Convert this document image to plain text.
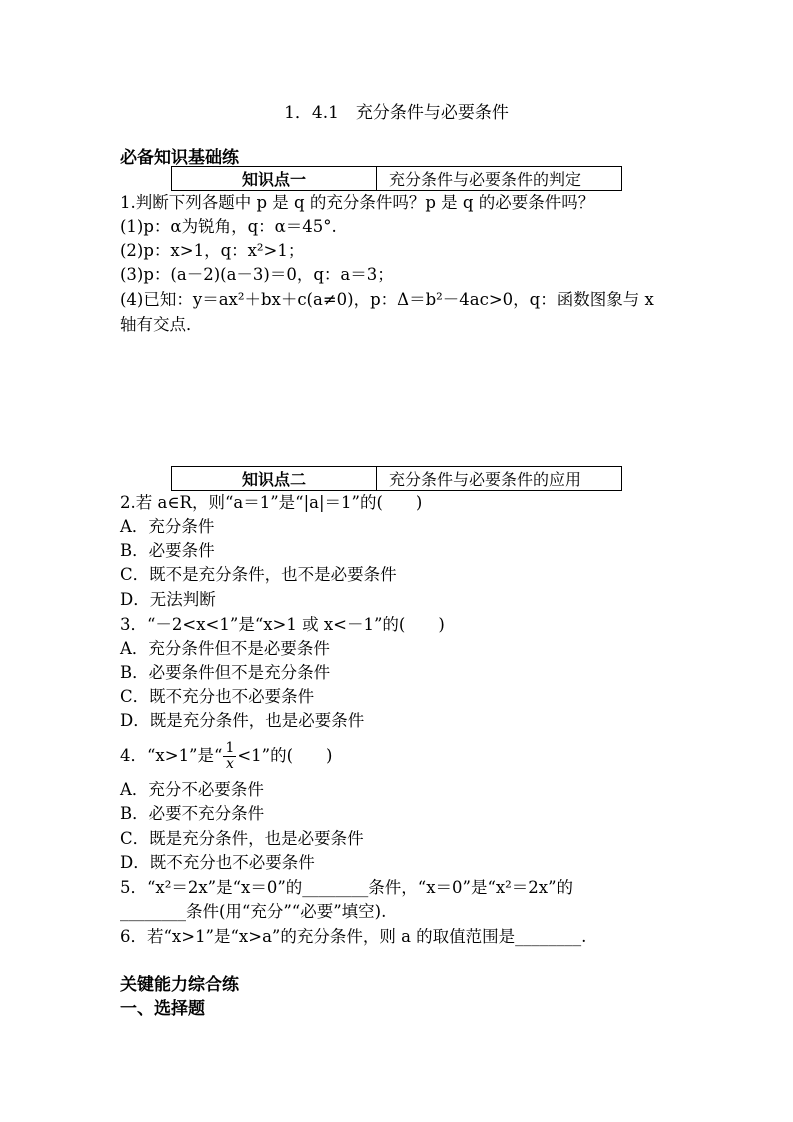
1．4.1　充分条件与必要条件
必备知识基础练
知识点一	充分条件与必要条件的判定
1.判断下列各题中 p 是 q 的充分条件吗？p 是 q 的必要条件吗？
(1)p：α为锐角，q：α＝45°.
(2)p：x>1，q：x²>1；
(3)p：(a－2)(a－3)＝0，q：a＝3；
(4)已知：y＝ax²＋bx＋c(a≠0)，p：Δ＝b²－4ac>0，q：函数图象与 x
轴有交点．
知识点二	充分条件与必要条件的应用
2.若 a∈R，则“a＝1”是“|a|＝1”的(　　)
A．充分条件
B．必要条件
C．既不是充分条件，也不是必要条件
D．无法判断
3．“－2<x<1”是“x>1 或 x<－1”的(　　)
A．充分条件但不是必要条件
B．必要条件但不是充分条件
C．既不充分也不必要条件
D．既是充分条件，也是必要条件
4．“x>1”是“ $\frac{1}{x} <1$”的(　　)
A．充分不必要条件
B．必要不充分条件
C．既是充分条件，也是必要条件
D．既不充分也不必要条件
5．“x²＝2x”是“x＝0”的________条件，“x＝0”是“x²＝2x”的
________条件(用“充分”“必要”填空).
6．若“x>1”是“x>a”的充分条件，则 a 的取值范围是________.
关键能力综合练
一、选择题
